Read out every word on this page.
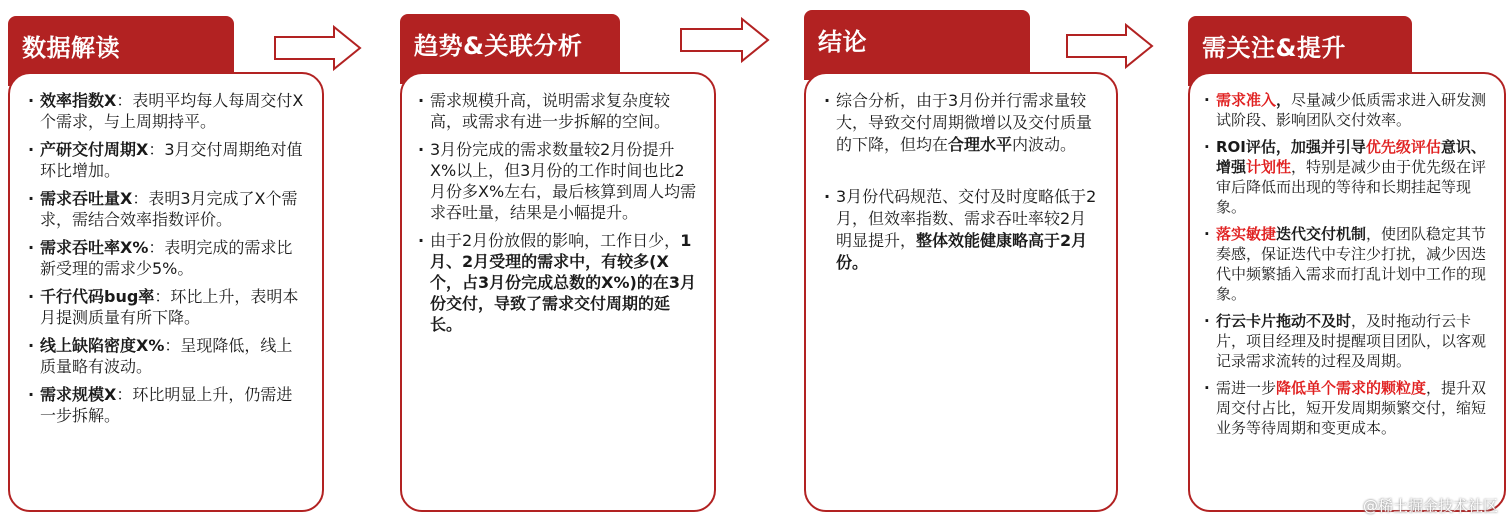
数据解读
· 效率指数X：表明平均每人每周交付X个需求，与上周期持平。
· 产研交付周期X：3月交付周期绝对值环比增加。
· 需求吞吐量X：表明3月完成了X个需求，需结合效率指数评价。
· 需求吞吐率X%：表明完成的需求比新受理的需求少5%。
· 千行代码bug率：环比上升，表明本月提测质量有所下降。
· 线上缺陷密度X%：呈现降低，线上质量略有波动。
· 需求规模X：环比明显上升，仍需进一步拆解。
趋势&关联分析
· 需求规模升高，说明需求复杂度较高，或需求有进一步拆解的空间。
· 3月份完成的需求数量较2月份提升X%以上，但3月份的工作时间也比2月份多X%左右，最后核算到周人均需求吞吐量，结果是小幅提升。
· 由于2月份放假的影响，工作日少，1月、2月受理的需求中，有较多(X个，占3月份完成总数的X%)的在3月份交付，导致了需求交付周期的延长。
结论
· 综合分析，由于3月份并行需求量较大，导致交付周期微增以及交付质量的下降，但均在合理水平内波动。
· 3月份代码规范、交付及时度略低于2月，但效率指数、需求吞吐率较2月明显提升，整体效能健康略高于2月份。
需关注&提升
· 需求准入，尽量减少低质需求进入研发测试阶段、影响团队交付效率。
· ROI评估，加强并引导优先级评估意识、增强计划性，特别是减少由于优先级在评审后降低而出现的等待和长期挂起等现象。
· 落实敏捷迭代交付机制，使团队稳定其节奏感，保证迭代中专注少打扰，减少因迭代中频繁插入需求而打乱计划中工作的现象。
· 行云卡片拖动不及时，及时拖动行云卡片，项目经理及时提醒项目团队，以客观记录需求流转的过程及周期。
· 需进一步降低单个需求的颗粒度，提升双周交付占比，短开发周期频繁交付，缩短业务等待周期和变更成本。
@稀土掘金技术社区
